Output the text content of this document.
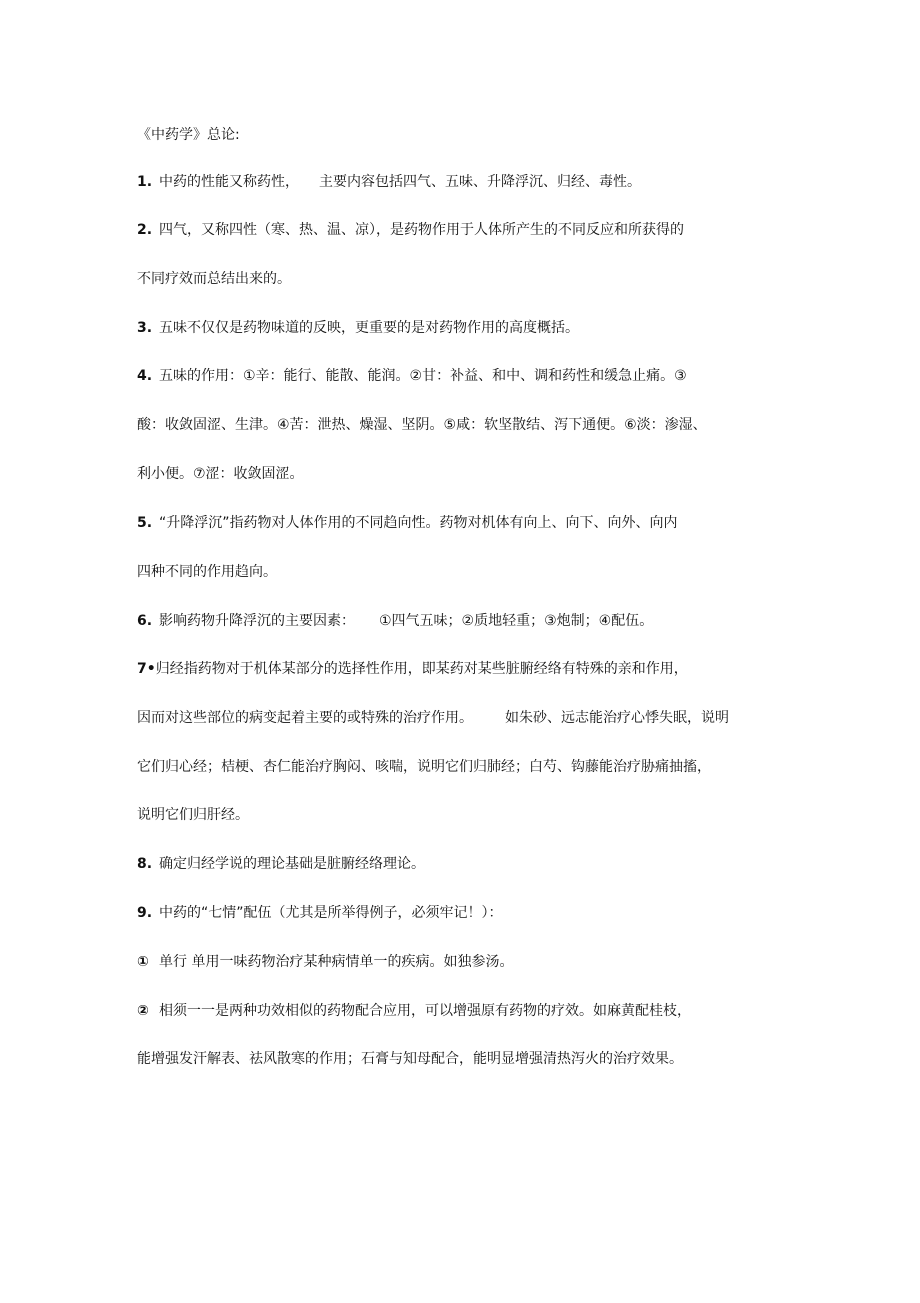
《中药学》总论:
1. 中药的性能又称药性， 主要内容包括四气、五味、升降浮沉、归经、毒性。
2. 四气，又称四性（寒、热、温、凉），是药物作用于人体所产生的不同反应和所获得的
不同疗效而总结出来的。
3. 五味不仅仅是药物味道的反映，更重要的是对药物作用的高度概括。
4. 五味的作用：①辛：能行、能散、能润。②甘：补益、和中、调和药性和缓急止痛。③
酸：收敛固涩、生津。④苦：泄热、燥湿、坚阴。⑤咸：软坚散结、泻下通便。⑥淡：渗湿、
利小便。⑦涩：收敛固涩。
5. “升降浮沉”指药物对人体作用的不同趋向性。药物对机体有向上、向下、向外、向内
四种不同的作用趋向。
6. 影响药物升降浮沉的主要因素： ①四气五味；②质地轻重；③炮制；④配伍。
7•归经指药物对于机体某部分的选择性作用，即某药对某些脏腑经络有特殊的亲和作用，
因而对这些部位的病变起着主要的或特殊的治疗作用。 如朱砂、远志能治疗心悸失眠，说明
它们归心经；桔梗、杏仁能治疗胸闷、咳喘，说明它们归肺经；白芍、钩藤能治疗胁痛抽搐，
说明它们归肝经。
8. 确定归经学说的理论基础是脏腑经络理论。
9. 中药的“七情”配伍（尤其是所举得例子，必须牢记！）：
① 单行 单用一味药物治疗某种病情单一的疾病。如独参汤。
② 相须一一是两种功效相似的药物配合应用，可以增强原有药物的疗效。如麻黄配桂枝，
能增强发汗解表、祛风散寒的作用；石膏与知母配合，能明显增强清热泻火的治疗效果。
